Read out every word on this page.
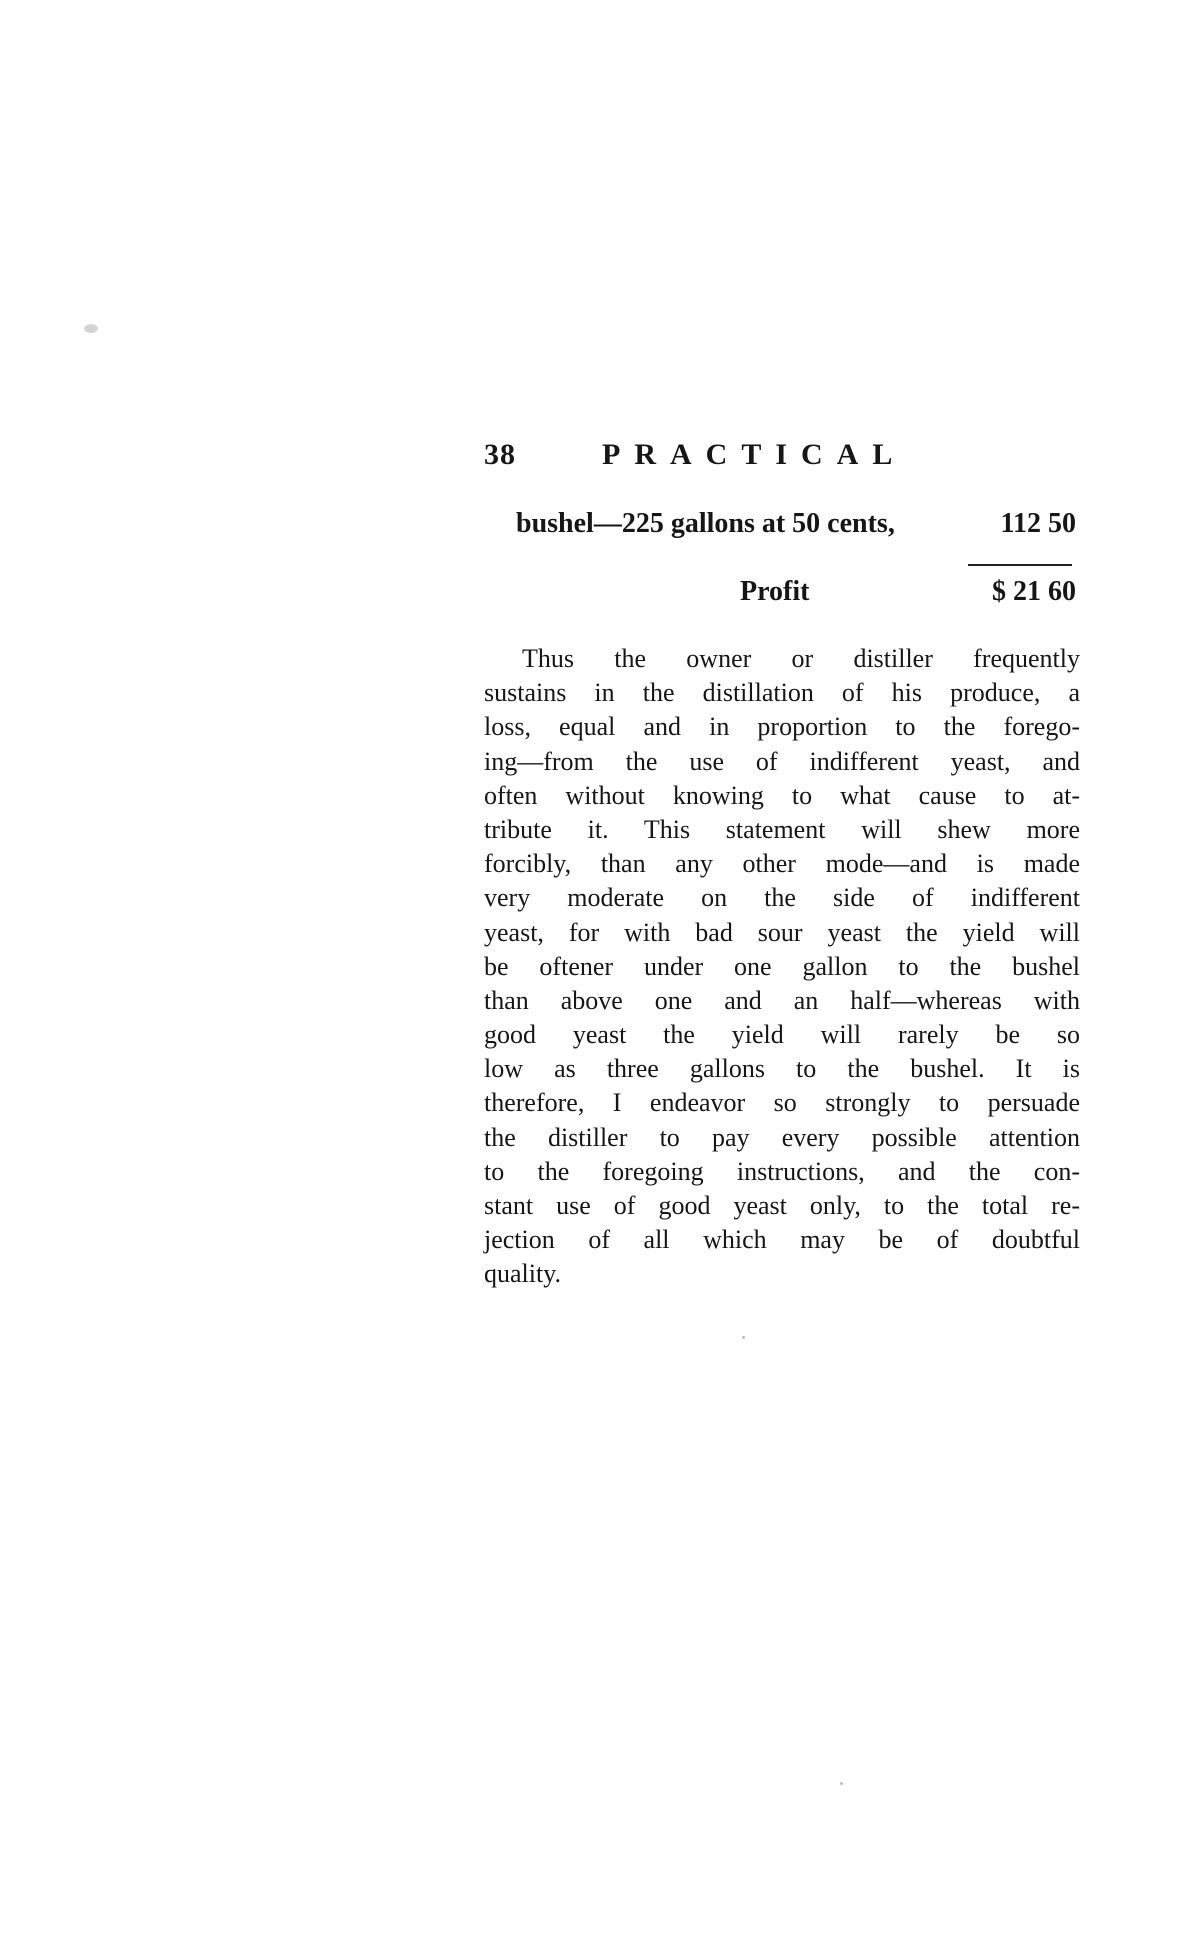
38	PRACTICAL
bushel—225 gallons at 50 cents,	112 50
Profit	$ 21 60
Thus the owner or distiller frequently
sustains in the distillation of his produce, a
loss, equal and in proportion to the forego-
ing—from the use of indifferent yeast, and
often without knowing to what cause to at-
tribute it. This statement will shew more
forcibly, than any other mode—and is made
very moderate on the side of indifferent
yeast, for with bad sour yeast the yield will
be oftener under one gallon to the bushel
than above one and an half—whereas with
good yeast the yield will rarely be so
low as three gallons to the bushel. It is
therefore, I endeavor so strongly to persuade
the distiller to pay every possible attention
to the foregoing instructions, and the con-
stant use of good yeast only, to the total re-
jection of all which may be of doubtful
quality.
